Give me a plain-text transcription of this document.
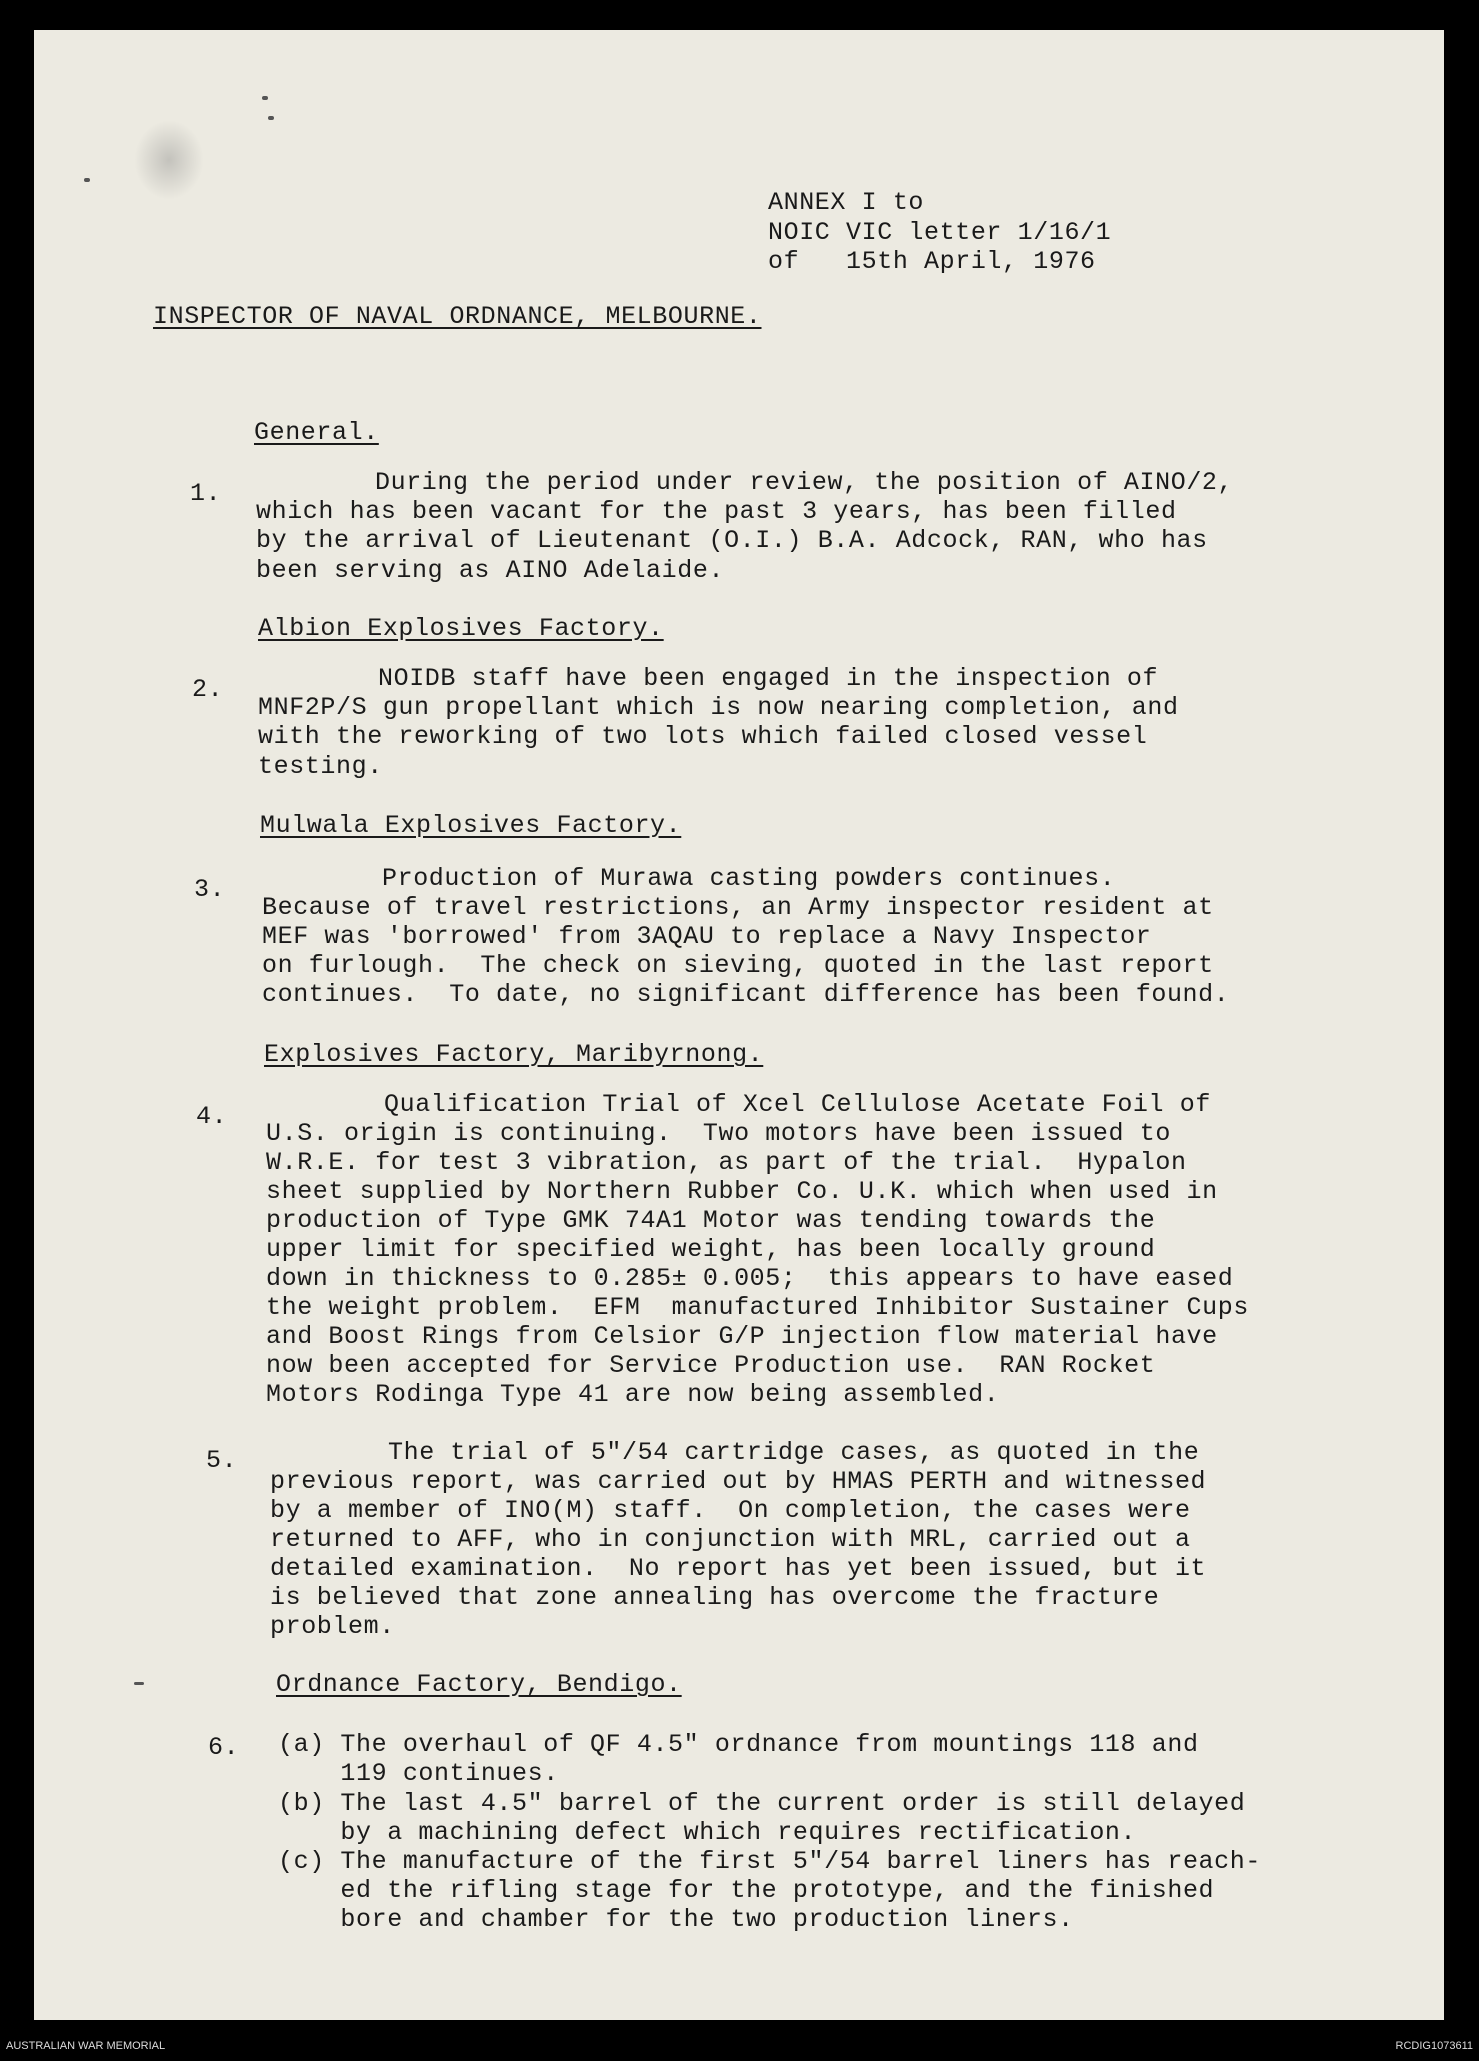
ANNEX I to
NOIC VIC letter 1/16/1
of   15th April, 1976
INSPECTOR OF NAVAL ORDNANCE, MELBOURNE.
General.
1.	During the period under review, the position of AINO/2,
which has been vacant for the past 3 years, has been filled
by the arrival of Lieutenant (O.I.) B.A. Adcock, RAN, who has
been serving as AINO Adelaide.
Albion Explosives Factory.
2.	NOIDB staff have been engaged in the inspection of
MNF2P/S gun propellant which is now nearing completion, and
with the reworking of two lots which failed closed vessel
testing.
Mulwala Explosives Factory.
3.	Production of Murawa casting powders continues.
Because of travel restrictions, an Army inspector resident at
MEF was 'borrowed' from 3AQAU to replace a Navy Inspector
on furlough.  The check on sieving, quoted in the last report
continues.  To date, no significant difference has been found.
Explosives Factory, Maribyrnong.
4.	Qualification Trial of Xcel Cellulose Acetate Foil of
U.S. origin is continuing.  Two motors have been issued to
W.R.E. for test 3 vibration, as part of the trial.  Hypalon
sheet supplied by Northern Rubber Co. U.K. which when used in
production of Type GMK 74A1 Motor was tending towards the
upper limit for specified weight, has been locally ground
down in thickness to 0.285± 0.005;  this appears to have eased
the weight problem.  EFM  manufactured Inhibitor Sustainer Cups
and Boost Rings from Celsior G/P injection flow material have
now been accepted for Service Production use.  RAN Rocket
Motors Rodinga Type 41 are now being assembled.
5.	The trial of 5"/54 cartridge cases, as quoted in the
previous report, was carried out by HMAS PERTH and witnessed
by a member of INO(M) staff.  On completion, the cases were
returned to AFF, who in conjunction with MRL, carried out a
detailed examination.  No report has yet been issued, but it
is believed that zone annealing has overcome the fracture
problem.
Ordnance Factory, Bendigo.
6. (a) The overhaul of QF 4.5" ordnance from mountings 118 and
119 continues.
(b) The last 4.5" barrel of the current order is still delayed
by a machining defect which requires rectification.
(c) The manufacture of the first 5"/54 barrel liners has reach-
ed the rifling stage for the prototype, and the finished
bore and chamber for the two production liners.
AUSTRALIAN WAR MEMORIAL	RCDIG1073611
